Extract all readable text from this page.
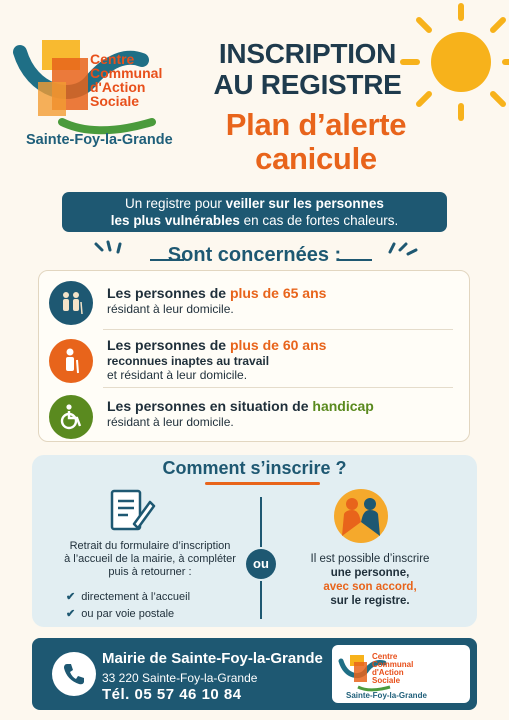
Centre
Communal
d'Action
Sociale
Sainte-Foy-la-Grande
INSCRIPTION
AU REGISTRE
Plan d’alerte
canicule
Un registre pour veiller sur les personnes
les plus vulnérables en cas de fortes chaleurs.
Sont concernées :
Les personnes de plus de 65 ans
résidant à leur domicile.
Les personnes de plus de 60 ans
reconnues inaptes au travail
et résidant à leur domicile.
Les personnes en situation de handicap
résidant à leur domicile.
Comment s’inscrire ?
Retrait du formulaire d’inscription
à l’accueil de la mairie, à compléter
puis à retourner :
✔ directement à l’accueil
✔ ou par voie postale
ou	Il est possible d’inscrire
une personne,
avec son accord,
sur le registre.
Mairie de Sainte-Foy-la-Grande
33 220 Sainte-Foy-la-Grande
Tél. 05 57 46 10 84
Centre
Communal
d'Action
Sociale
Sainte-Foy-la-Grande
